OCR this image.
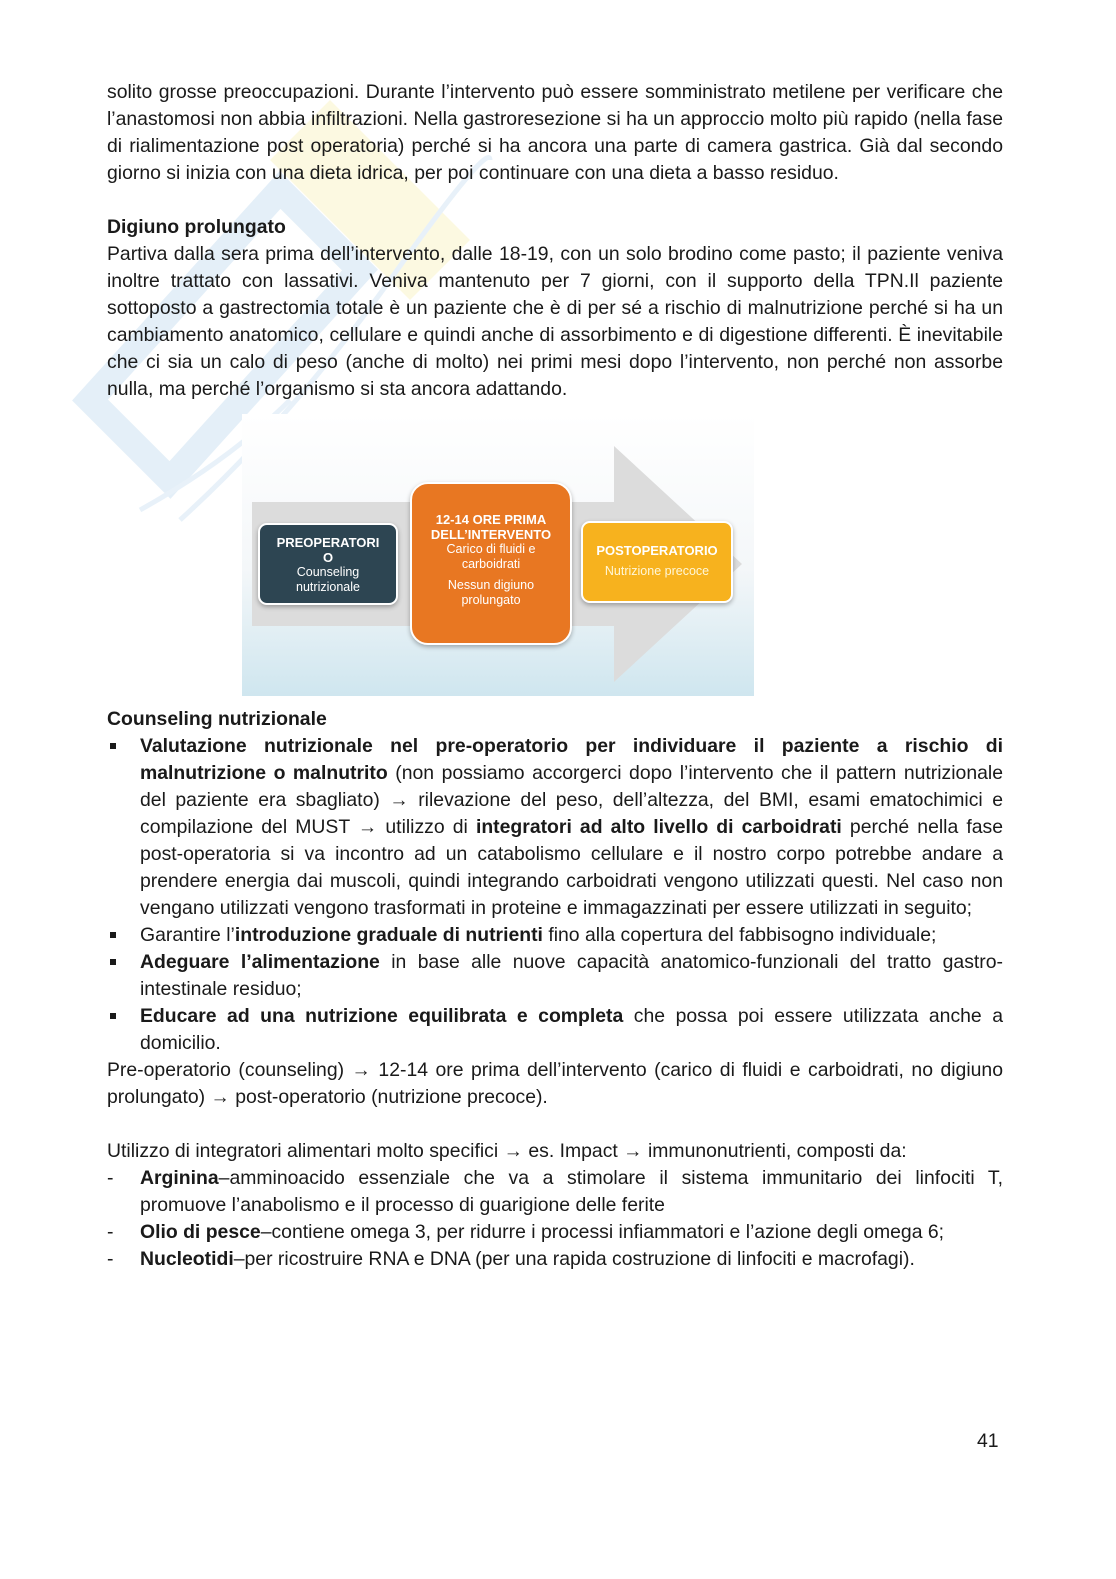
solito grosse preoccupazioni. Durante l’intervento può essere somministrato metilene per verificare che l’anastomosi non abbia infiltrazioni. Nella gastroresezione si ha un approccio molto più rapido (nella fase di rialimentazione post operatoria) perché si ha ancora una parte di camera gastrica. Già dal secondo giorno si inizia con una dieta idrica, per poi continuare con una dieta a basso residuo.

Digiuno prolungato

Partiva dalla sera prima dell’intervento, dalle 18-19, con un solo brodino come pasto; il paziente veniva inoltre trattato con lassativi. Veniva mantenuto per 7 giorni, con il supporto della TPN.Il paziente sottoposto a gastrectomia totale è un paziente che è di per sé a rischio di malnutrizione perché si ha un cambiamento anatomico, cellulare e quindi anche di assorbimento e di digestione differenti. È inevitabile che ci sia un calo di peso (anche di molto) nei primi mesi dopo l’intervento, non perché non assorbe nulla, ma perché l’organismo si sta ancora adattando.

PREOPERATORI
O
Counseling
nutrizionale
12-14 ORE PRIMA
DELL’INTERVENTO
Carico di fluidi e
carboidrati
Nessun digiuno
prolungato
POSTOPERATORIO
Nutrizione precoce
Counseling nutrizionale
Valutazione nutrizionale nel pre-operatorio per individuare il paziente a rischio di malnutrizione o malnutrito (non possiamo accorgerci dopo l’intervento che il pattern nutrizionale del paziente era sbagliato) → rilevazione del peso, dell’altezza, del BMI, esami ematochimici e compilazione del MUST → utilizzo di integratori ad alto livello di carboidrati perché nella fase post-operatoria si va incontro ad un catabolismo cellulare e il nostro corpo potrebbe andare a prendere energia dai muscoli, quindi integrando carboidrati vengono utilizzati questi. Nel caso non vengano utilizzati vengono trasformati in proteine e immagazzinati per essere utilizzati in seguito;
Garantire l’introduzione graduale di nutrienti fino alla copertura del fabbisogno individuale;
Adeguare l’alimentazione in base alle nuove capacità anatomico-funzionali del tratto gastro-intestinale residuo;
Educare ad una nutrizione equilibrata e completa che possa poi essere utilizzata anche a domicilio.

Pre-operatorio (counseling) → 12-14 ore prima dell’intervento (carico di fluidi e carboidrati, no digiuno prolungato) → post-operatorio (nutrizione precoce).

Utilizzo di integratori alimentari molto specifici → es. Impact → immunonutrienti, composti da:

- Arginina–amminoacido essenziale che va a stimolare il sistema immunitario dei linfociti T, promuove l’anabolismo e il processo di guarigione delle ferite
- Olio di pesce–contiene omega 3, per ridurre i processi infiammatori e l’azione degli omega 6;
- Nucleotidi–per ricostruire RNA e DNA (per una rapida costruzione di linfociti e macrofagi).
41
